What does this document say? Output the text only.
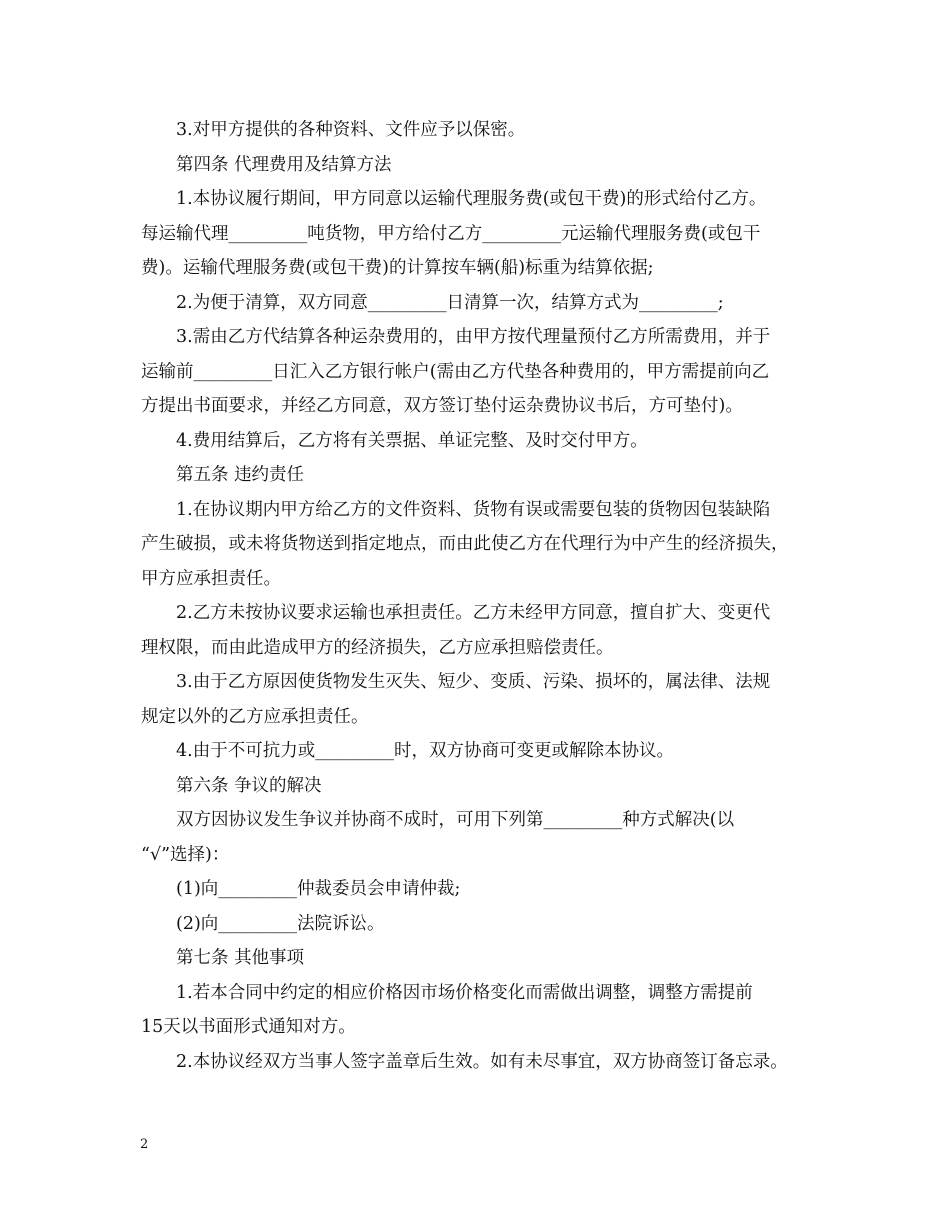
3.对甲方提供的各种资料、文件应予以保密。

第四条 代理费用及结算方法

1.本协议履行期间，甲方同意以运输代理服务费(或包干费)的形式给付乙方。

每运输代理_________吨货物，甲方给付乙方_________元运输代理服务费(或包干

费)。运输代理服务费(或包干费)的计算按车辆(船)标重为结算依据;

2.为便于清算，双方同意_________日清算一次，结算方式为_________;

3.需由乙方代结算各种运杂费用的，由甲方按代理量预付乙方所需费用，并于

运输前_________日汇入乙方银行帐户(需由乙方代垫各种费用的，甲方需提前向乙

方提出书面要求，并经乙方同意，双方签订垫付运杂费协议书后，方可垫付)。

4.费用结算后，乙方将有关票据、单证完整、及时交付甲方。

第五条 违约责任

1.在协议期内甲方给乙方的文件资料、货物有误或需要包装的货物因包装缺陷

产生破损，或未将货物送到指定地点，而由此使乙方在代理行为中产生的经济损失，

甲方应承担责任。

2.乙方未按协议要求运输也承担责任。乙方未经甲方同意，擅自扩大、变更代

理权限，而由此造成甲方的经济损失，乙方应承担赔偿责任。

3.由于乙方原因使货物发生灭失、短少、变质、污染、损坏的，属法律、法规

规定以外的乙方应承担责任。

4.由于不可抗力或_________时，双方协商可变更或解除本协议。

第六条 争议的解决

双方因协议发生争议并协商不成时，可用下列第_________种方式解决(以

“√”选择)：

(1)向_________仲裁委员会申请仲裁;

(2)向_________法院诉讼。

第七条 其他事项

1.若本合同中约定的相应价格因市场价格变化而需做出调整，调整方需提前

15天以书面形式通知对方。

2.本协议经双方当事人签字盖章后生效。如有未尽事宜，双方协商签订备忘录。

2
